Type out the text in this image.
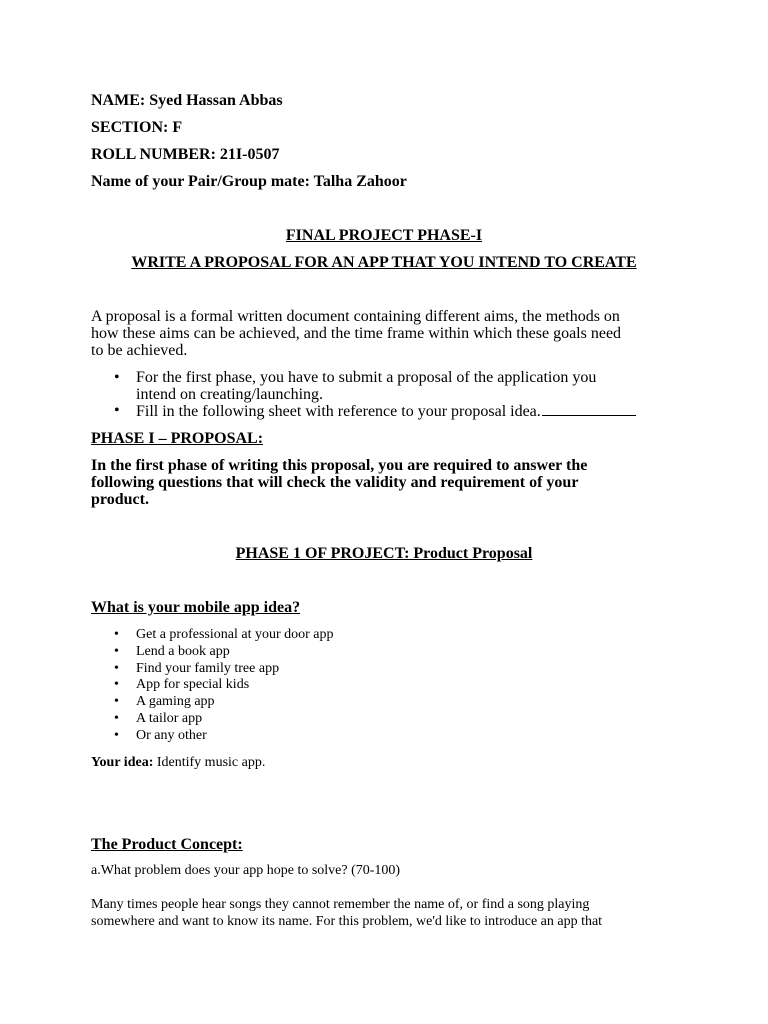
NAME: Syed Hassan Abbas
SECTION: F
ROLL NUMBER: 21I-0507
Name of your Pair/Group mate: Talha Zahoor
FINAL PROJECT PHASE-I
WRITE A PROPOSAL FOR AN APP THAT YOU INTEND TO CREATE
A proposal is a formal written document containing different aims, the methods on
how these aims can be achieved, and the time frame within which these goals need
to be achieved.
• For the first phase, you have to submit a proposal of the application you
intend on creating/launching.
• Fill in the following sheet with reference to your proposal idea.
PHASE I – PROPOSAL:
In the first phase of writing this proposal, you are required to answer the
following questions that will check the validity and requirement of your
product.
PHASE 1 OF PROJECT: Product Proposal
What is your mobile app idea?
• Get a professional at your door app
• Lend a book app
• Find your family tree app
• App for special kids
• A gaming app
• A tailor app
• Or any other
Your idea: Identify music app.
The Product Concept:
a.What problem does your app hope to solve? (70-100)
Many times people hear songs they cannot remember the name of, or find a song playing
somewhere and want to know its name. For this problem, we'd like to introduce an app that
